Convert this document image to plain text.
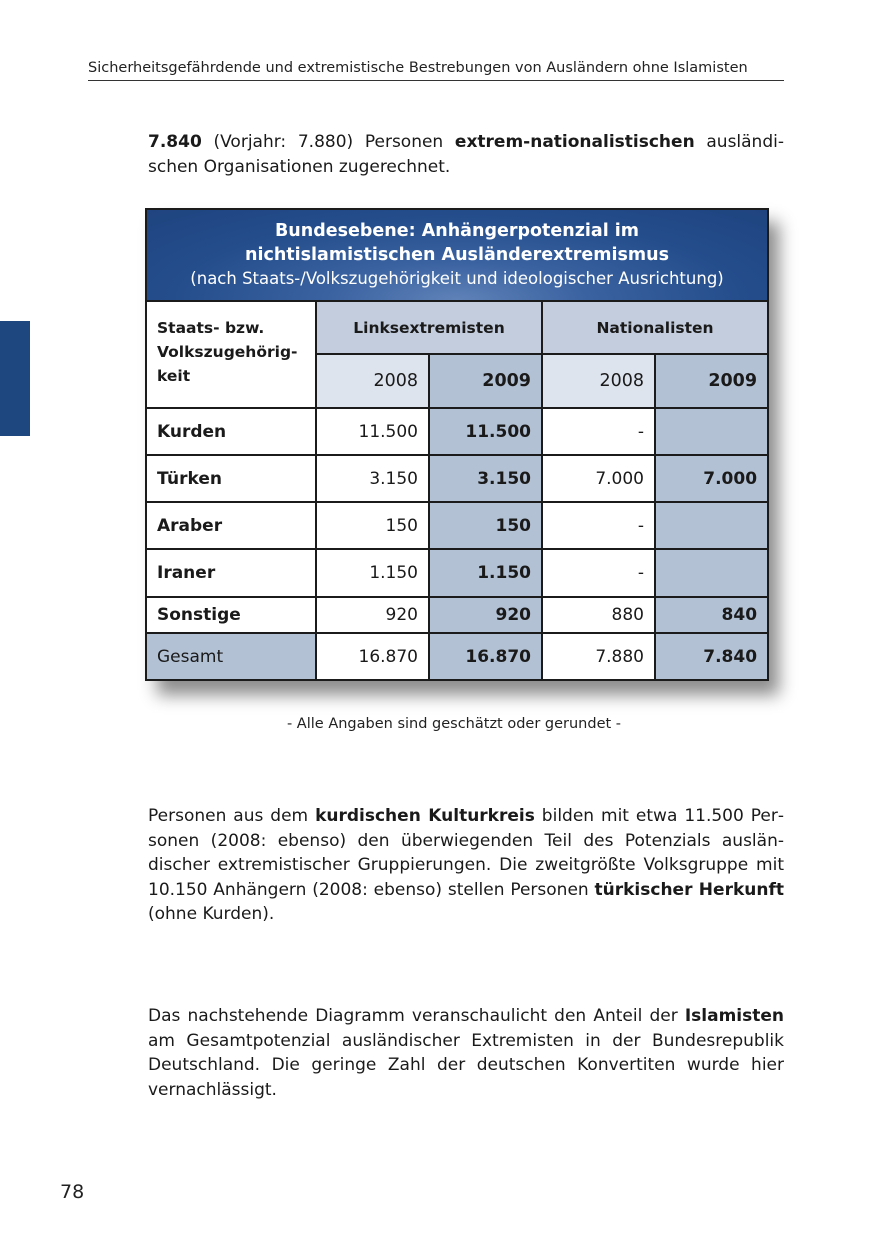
Sicherheitsgefährdende und extremistische Bestrebungen von Ausländern ohne Islamisten

7.840 (Vorjahr: 7.880) Personen extrem-nationalistischen ausländischen Organisationen zugerechnet.

Bundesebene: Anhängerpotenzial im
nichtislamistischen Ausländerextremismus
(nach Staats-/Volkszugehörigkeit und ideologischer Ausrichtung)				

Staats- bzw. Volkszugehörigkeit	Linksextremisten		Nationalisten	
	2008	2009	2008	2009
Kurden	11.500	11.500	-	
Türken	3.150	3.150	7.000	7.000
Araber	150	150	-	
Iraner	1.150	1.150	-	
Sonstige	920	920	880	840
Gesamt	16.870	16.870	7.880	7.840
- Alle Angaben sind geschätzt oder gerundet -

Personen aus dem kurdischen Kulturkreis bilden mit etwa 11.500 Personen (2008: ebenso) den überwiegenden Teil des Potenzials ausländischer extremistischer Gruppierungen. Die zweitgrößte Volksgruppe mit 10.150 Anhängern (2008: ebenso) stellen Personen türkischer Herkunft (ohne Kurden).

Das nachstehende Diagramm veranschaulicht den Anteil der Islamisten am Gesamtpotenzial ausländischer Extremisten in der Bundesrepublik Deutschland. Die geringe Zahl der deutschen Konvertiten wurde hier vernachlässigt.

78
